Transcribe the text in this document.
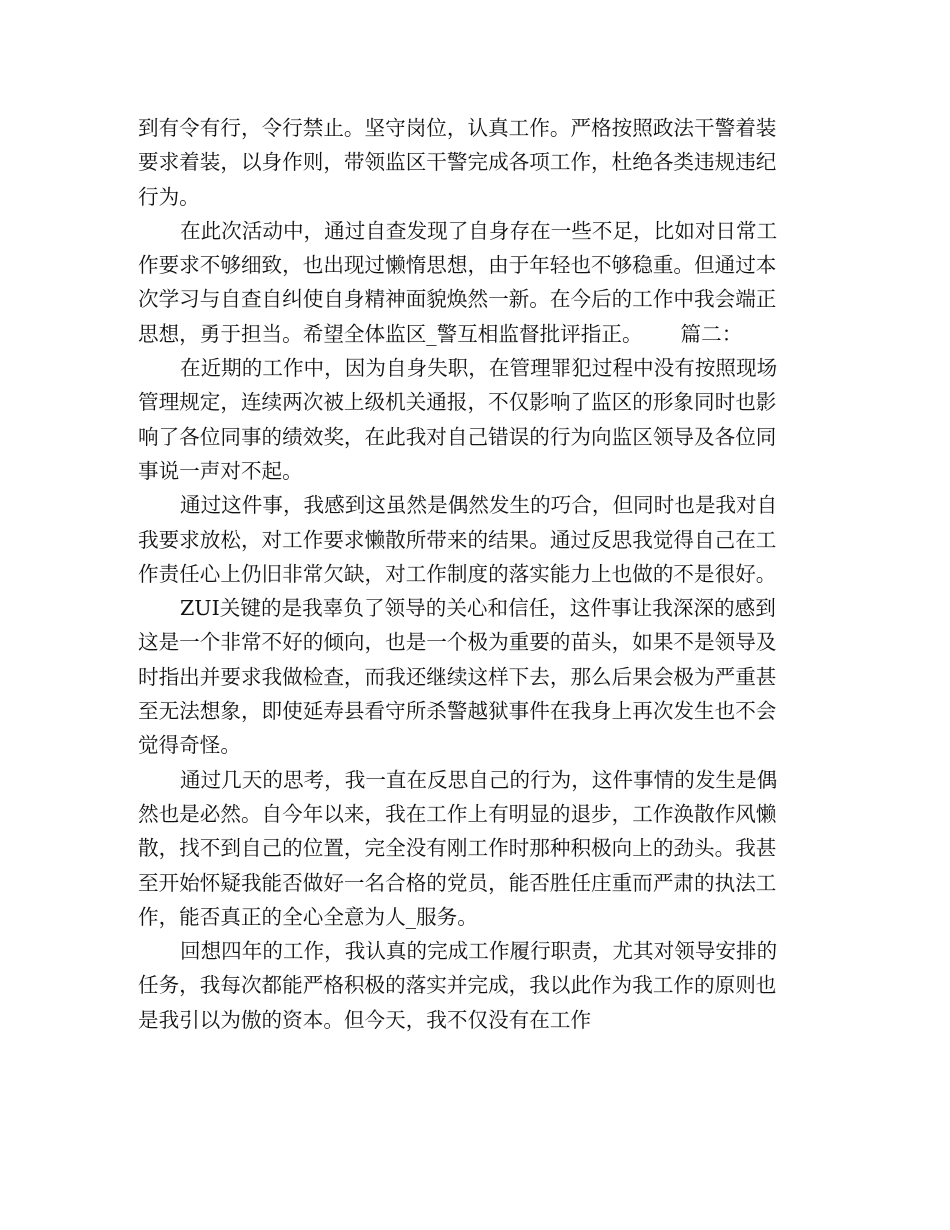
到有令有行，令行禁止。坚守岗位，认真工作。严格按照政法干警着装
要求着装，以身作则，带领监区干警完成各项工作，杜绝各类违规违纪
行为。
在此次活动中，通过自查发现了自身存在一些不足，比如对日常工
作要求不够细致，也出现过懒惰思想，由于年轻也不够稳重。但通过本
次学习与自查自纠使自身精神面貌焕然一新。在今后的工作中我会端正
思想，勇于担当。希望全体监区_警互相监督批评指正。 篇二：
在近期的工作中，因为自身失职，在管理罪犯过程中没有按照现场
管理规定，连续两次被上级机关通报，不仅影响了监区的形象同时也影
响了各位同事的绩效奖，在此我对自己错误的行为向监区领导及各位同
事说一声对不起。
通过这件事，我感到这虽然是偶然发生的巧合，但同时也是我对自
我要求放松，对工作要求懒散所带来的结果。通过反思我觉得自己在工
作责任心上仍旧非常欠缺，对工作制度的落实能力上也做的不是很好。
ZUI关键的是我辜负了领导的关心和信任，这件事让我深深的感到
这是一个非常不好的倾向，也是一个极为重要的苗头，如果不是领导及
时指出并要求我做检查，而我还继续这样下去，那么后果会极为严重甚
至无法想象，即使延寿县看守所杀警越狱事件在我身上再次发生也不会
觉得奇怪。
通过几天的思考，我一直在反思自己的行为，这件事情的发生是偶
然也是必然。自今年以来，我在工作上有明显的退步，工作涣散作风懒
散，找不到自己的位置，完全没有刚工作时那种积极向上的劲头。我甚
至开始怀疑我能否做好一名合格的党员，能否胜任庄重而严肃的执法工
作，能否真正的全心全意为人_服务。
回想四年的工作，我认真的完成工作履行职责，尤其对领导安排的
任务，我每次都能严格积极的落实并完成，我以此作为我工作的原则也
是我引以为傲的资本。但今天，我不仅没有在工作
